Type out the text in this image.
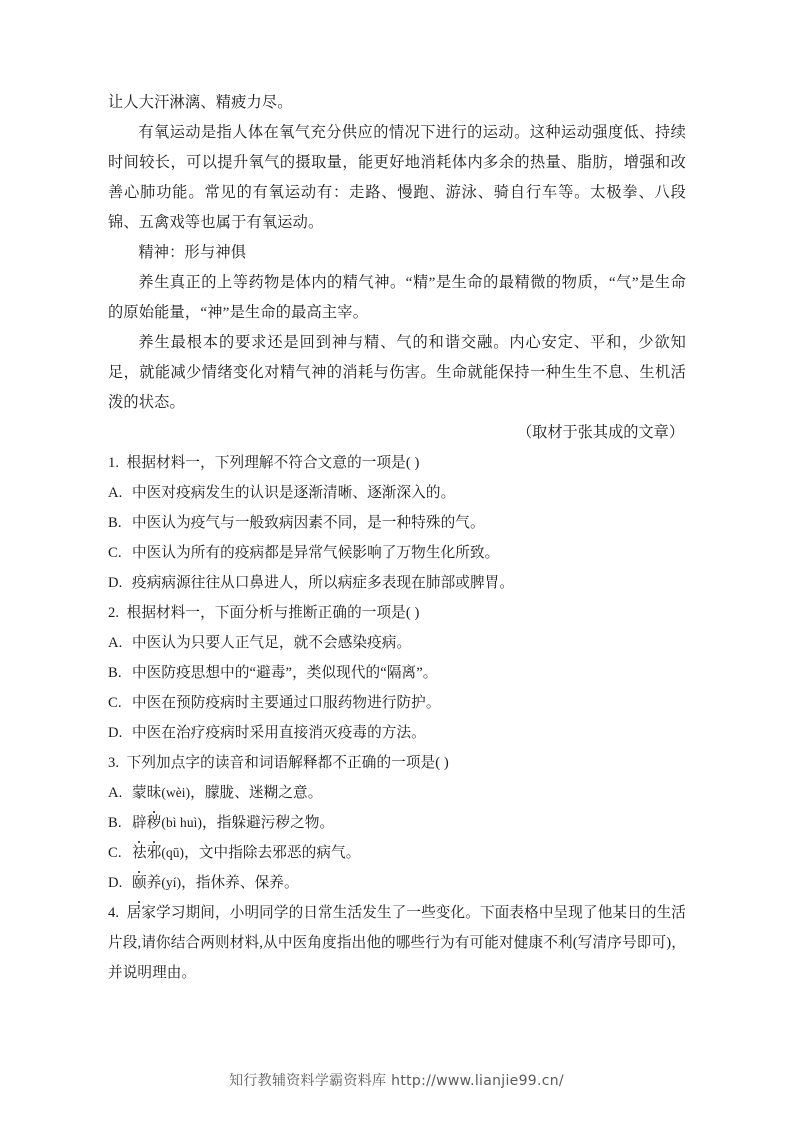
让人大汗淋漓、精疲力尽。

有氧运动是指人体在氧气充分供应的情况下进行的运动。这种运动强度低、持续时间较长，可以提升氧气的摄取量，能更好地消耗体内多余的热量、脂肪，增强和改善心肺功能。常见的有氧运动有：走路、慢跑、游泳、骑自行车等。太极拳、八段锦、五禽戏等也属于有氧运动。

精神：形与神俱

养生真正的上等药物是体内的精气神。“精”是生命的最精微的物质，“气”是生命的原始能量，“神”是生命的最高主宰。

养生最根本的要求还是回到神与精、气的和谐交融。内心安定、平和，少欲知足，就能减少情绪变化对精气神的消耗与伤害。生命就能保持一种生生不息、生机活泼的状态。

（取材于张其成的文章）

1. 根据材料一，下列理解不符合文意的一项是( )

A. 中医对疫病发生的认识是逐渐清晰、逐渐深入的。

B. 中医认为疫气与一般致病因素不同，是一种特殊的气。

C. 中医认为所有的疫病都是异常气候影响了万物生化所致。

D. 疫病病源往往从口鼻进人，所以病症多表现在肺部或脾胃。

2. 根据材料一，下面分析与推断正确的一项是( )

A. 中医认为只要人正气足，就不会感染疫病。

B. 中医防疫思想中的“避毒”，类似现代的“隔离”。

C. 中医在预防疫病时主要通过口服药物进行防护。

D. 中医在治疗疫病时采用直接消灭疫毒的方法。

3. 下列加点字的读音和词语解释都不正确的一项是( )

A. 蒙昧(wèi)，朦胧、迷糊之意。

B. 辟秽(bì huì)，指躲避污秽之物。

C. 祛邪(qū)，文中指除去邪恶的病气。

D. 颐养(yí)，指休养、保养。

4. 居家学习期间，小明同学的日常生活发生了一些变化。下面表格中呈现了他某日的生活片段,请你结合两则材料,从中医角度指出他的哪些行为有可能对健康不利(写清序号即可)，并说明理由。

知行教辅资料学霸资料库 http://www.lianjie99.cn/
